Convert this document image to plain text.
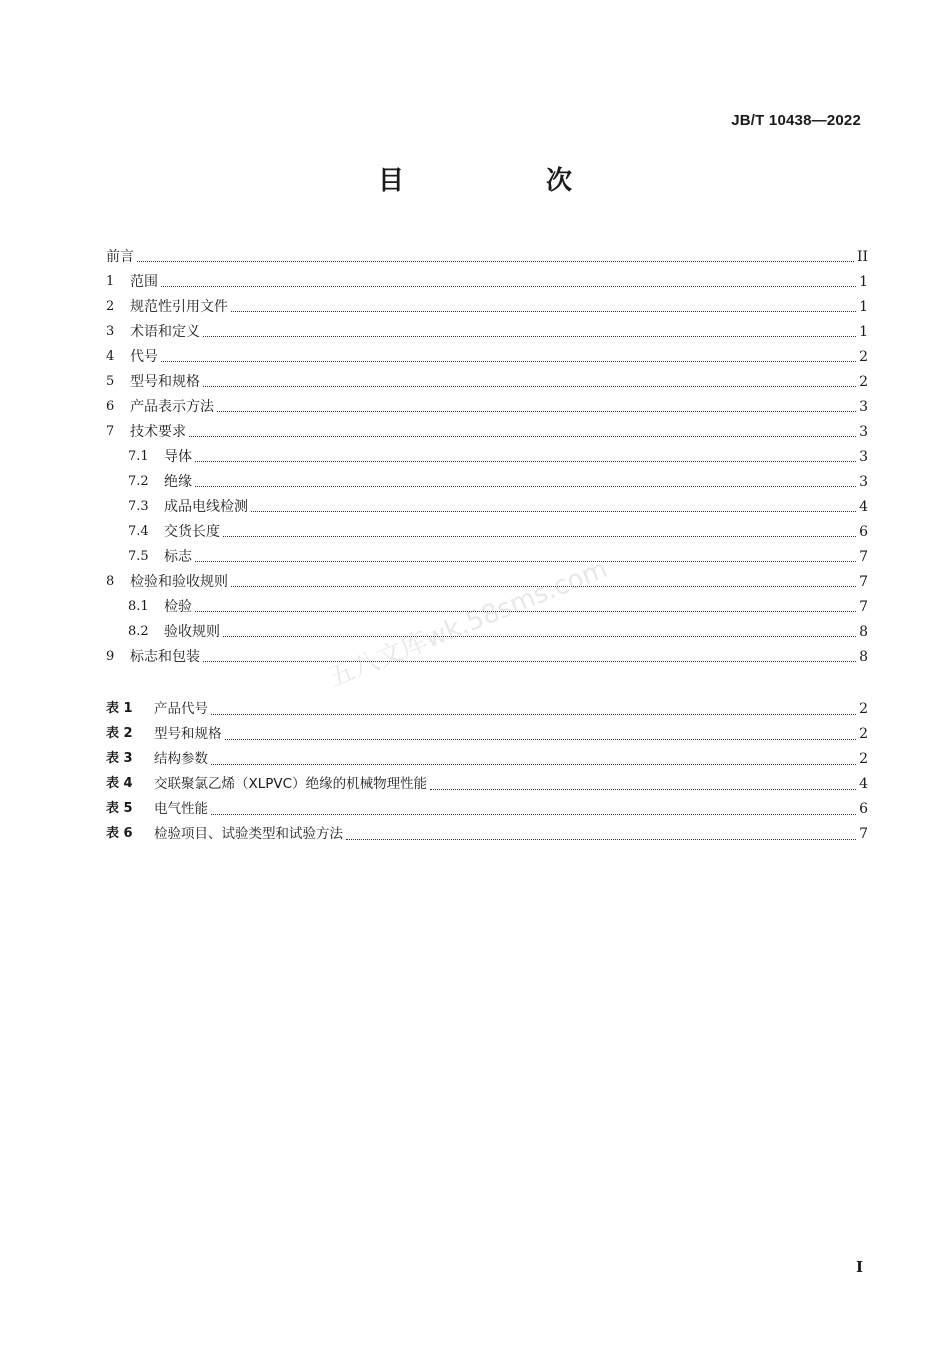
JB/T 10438—2022
目　次
前言	II
1	范围	1
2	规范性引用文件	1
3	术语和定义	1
4	代号	2
5	型号和规格	2
6	产品表示方法	3
7	技术要求	3
7.1	导体	3
7.2	绝缘	3
7.3	成品电线检测	4
7.4	交货长度	6
7.5	标志	7
8	检验和验收规则	7
8.1	检验	7
8.2	验收规则	8
9	标志和包装	8
表 1	产品代号	2
表 2	型号和规格	2
表 3	结构参数	2
表 4	交联聚氯乙烯（XLPVC）绝缘的机械物理性能	4
表 5	电气性能	6
表 6	检验项目、试验类型和试验方法	7
五八文库wk.58sms.com
I
